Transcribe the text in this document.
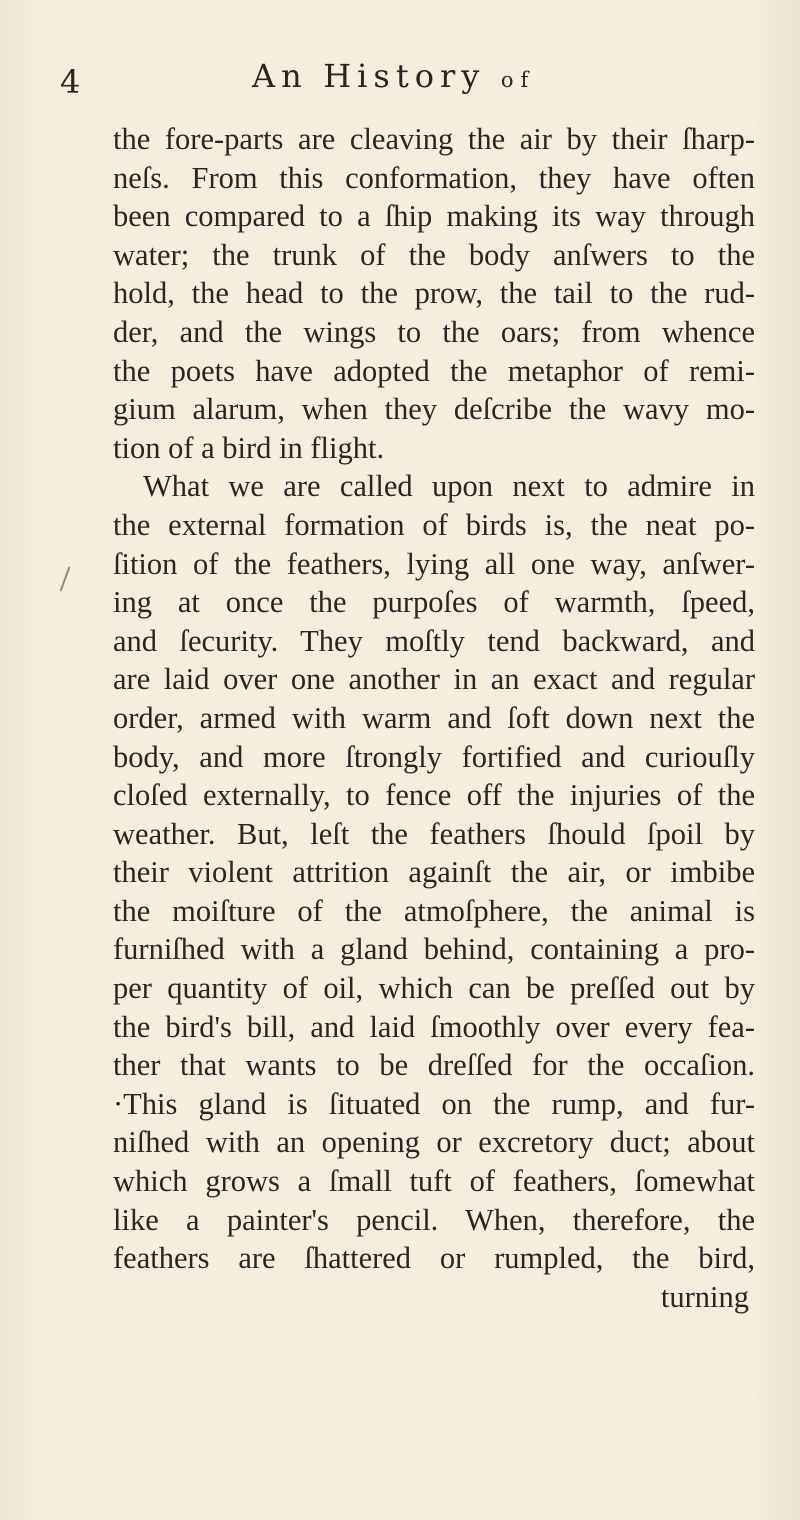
4	An History of
the fore-parts are cleaving the air by their ſharp-
neſs. From this conformation, they have often
been compared to a ſhip making its way through
water; the trunk of the body anſwers to the
hold, the head to the prow, the tail to the rud-
der, and the wings to the oars; from whence
the poets have adopted the metaphor of remi-
gium alarum, when they deſcribe the wavy mo-
tion of a bird in flight.
What we are called upon next to admire in
the external formation of birds is, the neat po-
ſition of the feathers, lying all one way, anſwer-
ing at once the purpoſes of warmth, ſpeed,
and ſecurity. They moſtly tend backward, and
are laid over one another in an exact and regular
order, armed with warm and ſoft down next the
body, and more ſtrongly fortified and curiouſly
cloſed externally, to fence off the injuries of the
weather. But, leſt the feathers ſhould ſpoil by
their violent attrition againſt the air, or imbibe
the moiſture of the atmoſphere, the animal is
furniſhed with a gland behind, containing a pro-
per quantity of oil, which can be preſſed out by
the bird's bill, and laid ſmoothly over every fea-
ther that wants to be dreſſed for the occaſion.
·This gland is ſituated on the rump, and fur-
niſhed with an opening or excretory duct; about
which grows a ſmall tuft of feathers, ſomewhat
like a painter's pencil. When, therefore, the
feathers are ſhattered or rumpled, the bird,
turning
